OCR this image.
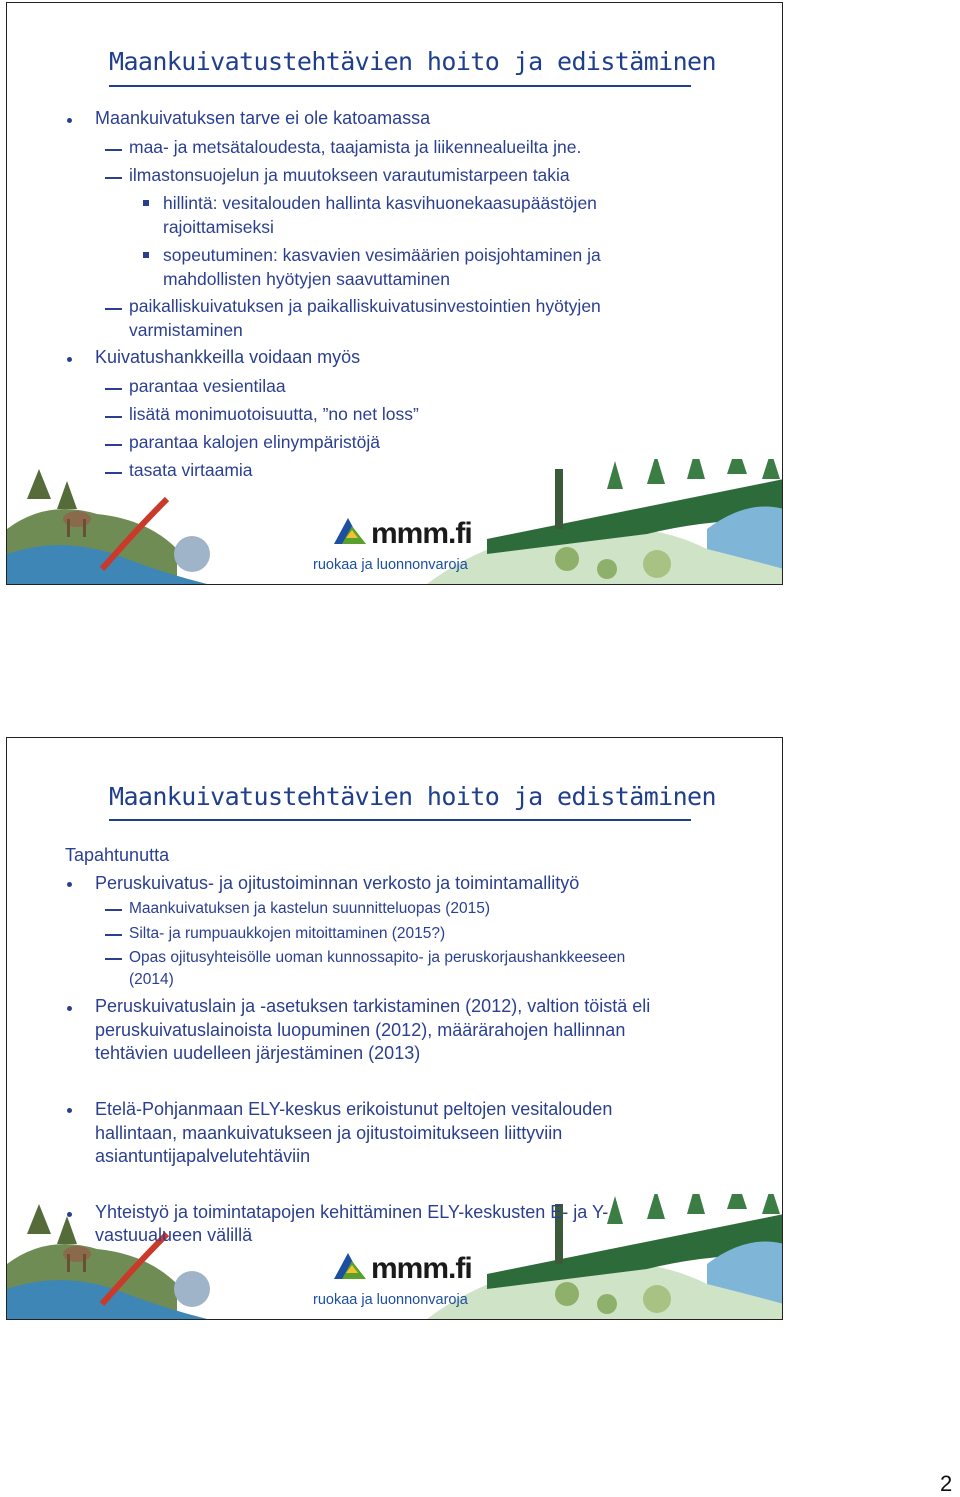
Maankuivatustehtävien hoito ja edistäminen
Maankuivatuksen tarve ei ole katoamassa
maa- ja metsätaloudesta, taajamista ja liikennealueilta jne.
ilmastonsuojelun ja muutokseen varautumistarpeen takia
hillintä: vesitalouden hallinta kasvihuonekaasupäästöjen
rajoittamiseksi
sopeutuminen: kasvavien vesimäärien poisjohtaminen ja
mahdollisten hyötyjen saavuttaminen
paikalliskuivatuksen ja paikalliskuivatusinvestointien hyötyjen
varmistaminen
Kuivatushankkeilla voidaan myös
parantaa vesientilaa
lisätä monimuotoisuutta, ”no net loss”
parantaa kalojen elinympäristöjä
tasata virtaamia
mmm.fi
ruokaa ja luonnonvaroja
Maankuivatustehtävien hoito ja edistäminen
Tapahtunutta
Peruskuivatus- ja ojitustoiminnan verkosto ja toimintamallityö
Maankuivatuksen ja kastelun suunnitteluopas (2015)
Silta- ja rumpuaukkojen mitoittaminen (2015?)
Opas ojitusyhteisölle uoman kunnossapito- ja peruskorjaushankkeeseen
(2014)
Peruskuivatuslain ja -asetuksen tarkistaminen (2012), valtion töistä eli
peruskuivatuslainoista luopuminen (2012), määrärahojen hallinnan
tehtävien uudelleen järjestäminen (2013)
Etelä-Pohjanmaan ELY-keskus erikoistunut peltojen vesitalouden
hallintaan, maankuivatukseen ja ojitustoimitukseen liittyviin
asiantuntijapalvelutehtäviin
Yhteistyö ja toimintatapojen kehittäminen ELY-keskusten E- ja Y-
vastuualueen välillä
mmm.fi
ruokaa ja luonnonvaroja
2
